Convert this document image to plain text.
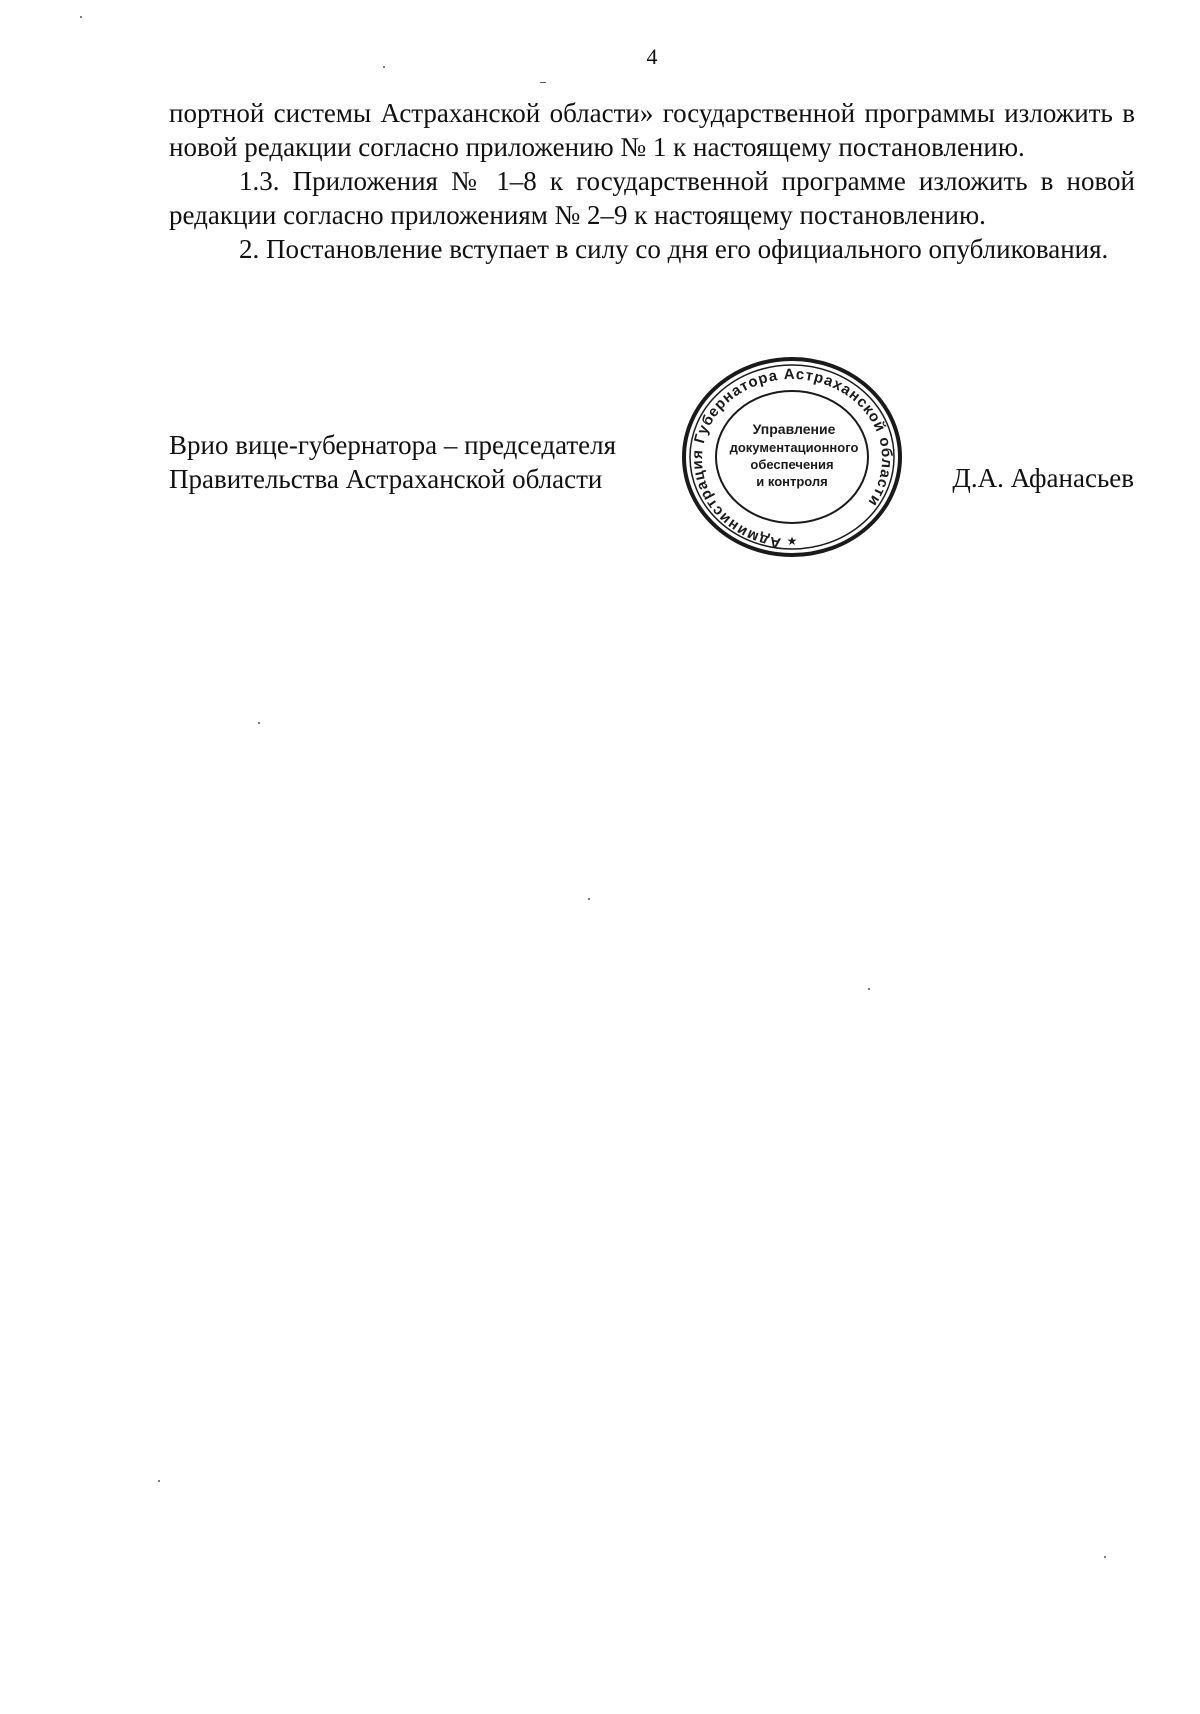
4

портной системы Астраханской области» государственной программы изложить в новой редакции согласно приложению № 1 к настоящему постановлению.

1.3. Приложения № 1–8 к государственной программе изложить в новой редакции согласно приложениям № 2–9 к настоящему постановлению.

2. Постановление вступает в силу со дня его официального опубликования.

Врио вице-губернатора – председателя
Правительства Астраханской области
Администрация Губернатора Астраханской области
Управление
документационного
обеспечения
и контроля
★
Д.А. Афанасьев
